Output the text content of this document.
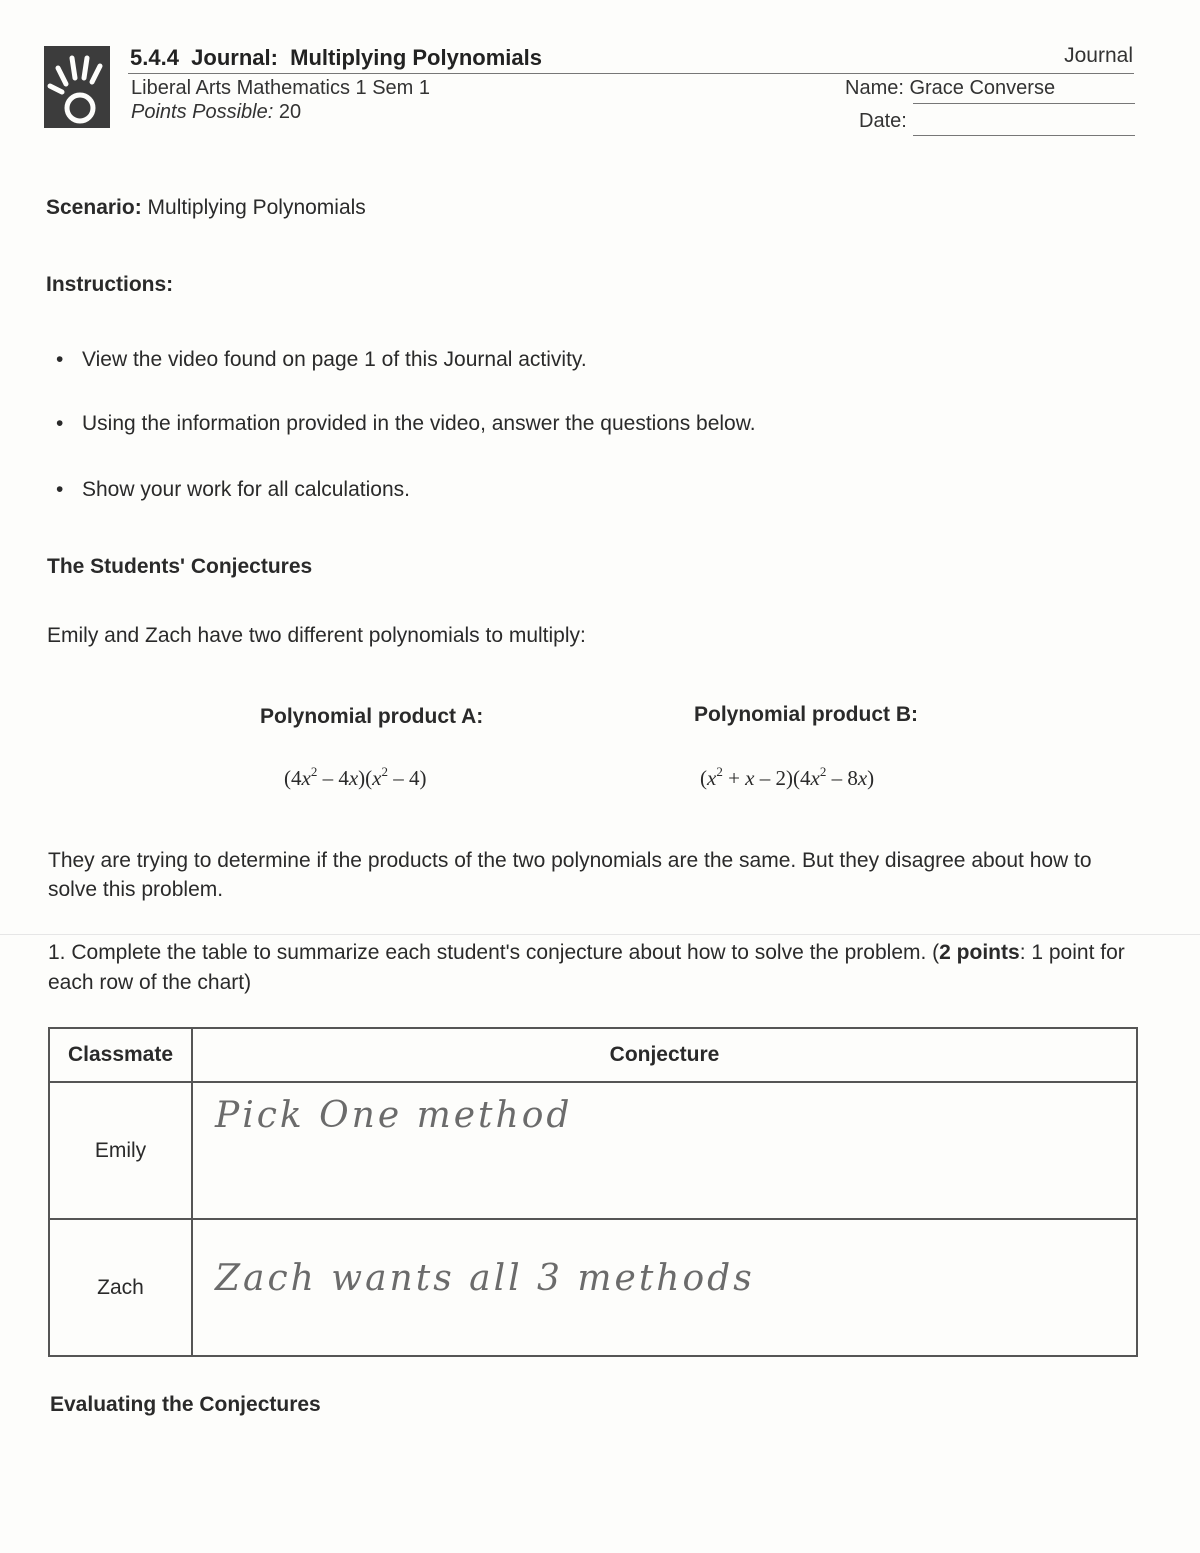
5.4.4  Journal:  Multiplying Polynomials	Journal
Liberal Arts Mathematics 1 Sem 1
Points Possible: 20
Name: Grace Converse
Date:
Scenario: Multiplying Polynomials
Instructions:
• View the video found on page 1 of this Journal activity.
• Using the information provided in the video, answer the questions below.
• Show your work for all calculations.
The Students' Conjectures
Emily and Zach have two different polynomials to multiply:
Polynomial product A:	Polynomial product B:
$(4x^2 - 4x)(x^2 - 4)$	$(x^2 + x - 2)(4x^2 - 8x)$
They are trying to determine if the products of the two polynomials are the same. But they disagree about how to solve this problem.
1. Complete the table to summarize each student's conjecture about how to solve the problem. (2 points: 1 point for each row of the chart)
Classmate	Conjecture
Emily	Pick One method

Zach	Zach wants all 3 methods
Evaluating the Conjectures
